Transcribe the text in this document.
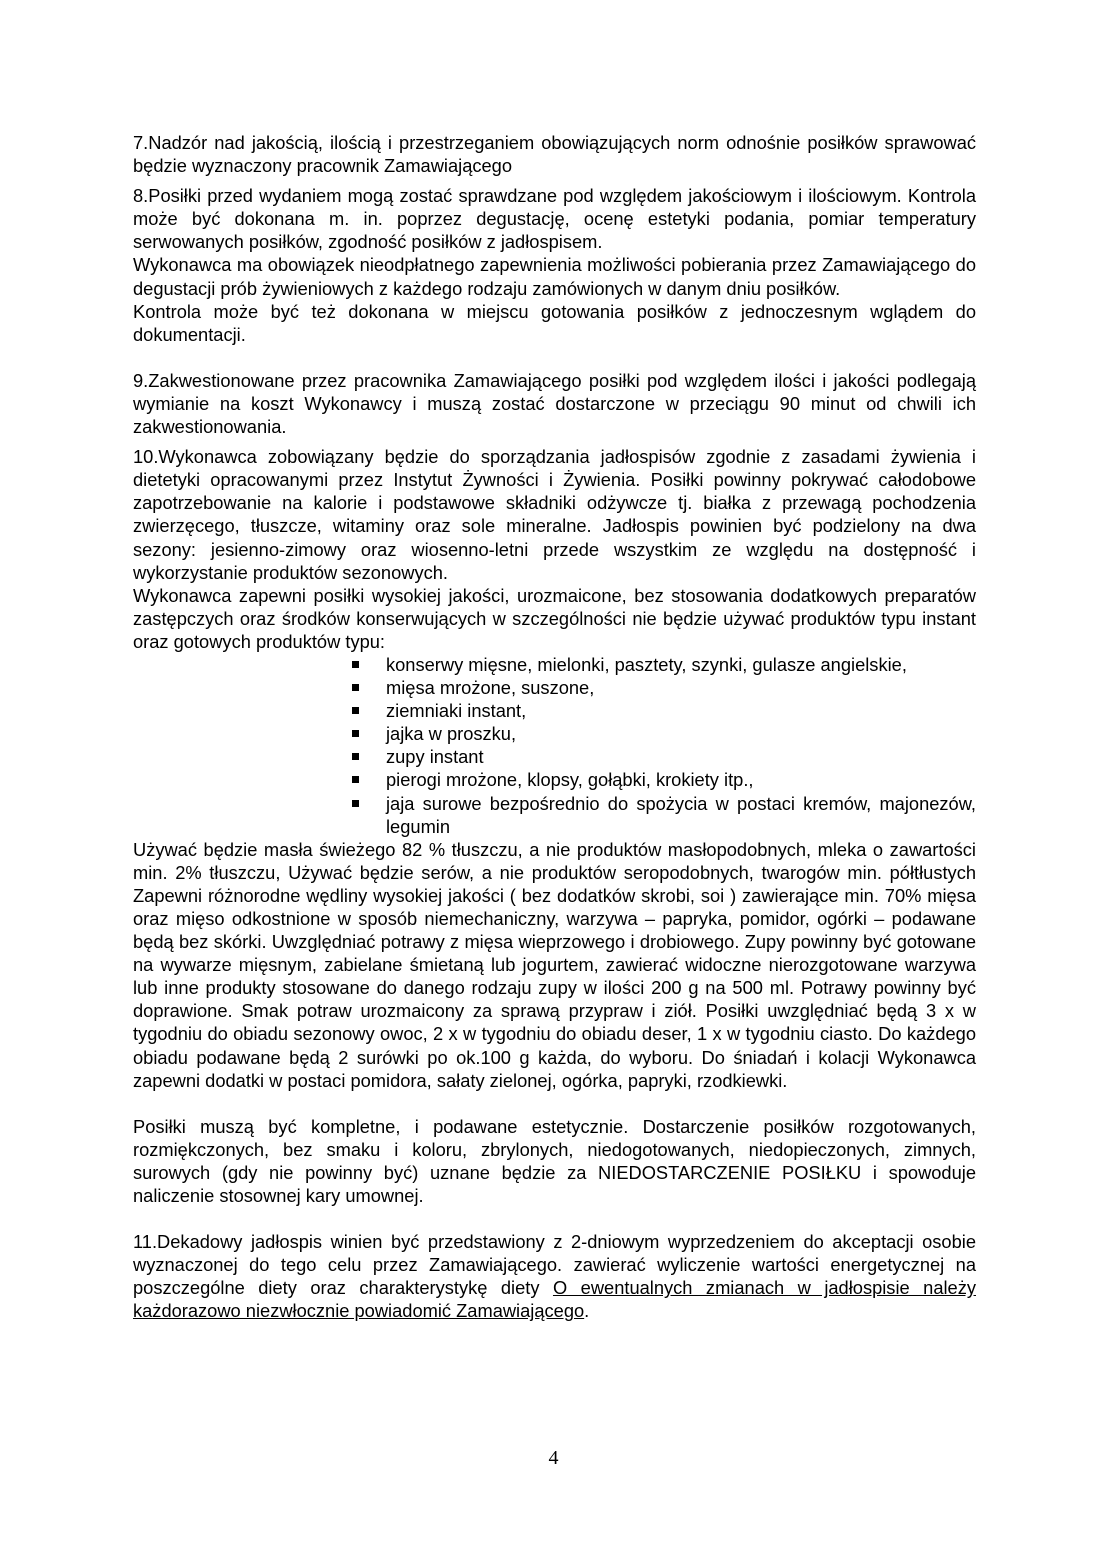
7.Nadzór nad jakością, ilością i przestrzeganiem obowiązujących norm odnośnie posiłków sprawować będzie wyznaczony pracownik Zamawiającego

8.Posiłki przed wydaniem mogą zostać sprawdzane pod względem jakościowym i ilościowym. Kontrola może być dokonana m. in. poprzez degustację, ocenę estetyki podania, pomiar temperatury serwowanych posiłków, zgodność posiłków z jadłospisem.

Wykonawca ma obowiązek nieodpłatnego zapewnienia możliwości pobierania przez Zamawiającego do degustacji prób żywieniowych z każdego rodzaju zamówionych w danym dniu posiłków.

Kontrola może być też dokonana w miejscu gotowania posiłków z jednoczesnym wglądem do dokumentacji.

9.Zakwestionowane przez pracownika Zamawiającego posiłki pod względem ilości i jakości podlegają wymianie na koszt Wykonawcy i muszą zostać dostarczone w przeciągu 90 minut od chwili ich zakwestionowania.

10.Wykonawca zobowiązany będzie do sporządzania jadłospisów zgodnie z zasadami żywienia i dietetyki opracowanymi przez Instytut Żywności i Żywienia. Posiłki powinny pokrywać całodobowe zapotrzebowanie na kalorie i podstawowe składniki odżywcze tj. białka z przewagą pochodzenia zwierzęcego, tłuszcze, witaminy oraz sole mineralne. Jadłospis powinien być podzielony na dwa sezony: jesienno-zimowy oraz wiosenno-letni przede wszystkim ze względu na dostępność i wykorzystanie produktów sezonowych.

Wykonawca zapewni posiłki wysokiej jakości, urozmaicone, bez stosowania dodatkowych preparatów zastępczych oraz środków konserwujących w szczególności nie będzie używać produktów typu instant oraz gotowych produktów typu:

konserwy mięsne, mielonki, pasztety, szynki, gulasze angielskie,
mięsa mrożone, suszone,
ziemniaki instant,
jajka w proszku,
zupy instant
pierogi mrożone, klopsy, gołąbki, krokiety itp.,
jaja surowe bezpośrednio do spożycia w postaci kremów, majonezów, legumin

Używać będzie masła świeżego 82 % tłuszczu, a nie produktów masłopodobnych, mleka o zawartości min. 2% tłuszczu, Używać będzie serów, a nie produktów seropodobnych, twarogów min. półtłustych Zapewni różnorodne wędliny wysokiej jakości ( bez dodatków skrobi, soi ) zawierające min. 70% mięsa oraz mięso odkostnione w sposób niemechaniczny, warzywa – papryka, pomidor, ogórki – podawane będą bez skórki. Uwzględniać potrawy z mięsa wieprzowego i drobiowego. Zupy powinny być gotowane na wywarze mięsnym, zabielane śmietaną lub jogurtem, zawierać widoczne nierozgotowane warzywa lub inne produkty stosowane do danego rodzaju zupy w ilości 200 g na 500 ml. Potrawy powinny być doprawione. Smak potraw urozmaicony za sprawą przypraw i ziół. Posiłki uwzględniać będą 3 x w tygodniu do obiadu sezonowy owoc, 2 x w tygodniu do obiadu deser, 1 x w tygodniu ciasto. Do każdego obiadu podawane będą 2 surówki po ok.100 g każda, do wyboru. Do śniadań i kolacji Wykonawca zapewni dodatki w postaci pomidora, sałaty zielonej, ogórka, papryki, rzodkiewki.

Posiłki muszą być kompletne, i podawane estetycznie. Dostarczenie posiłków rozgotowanych, rozmiękczonych, bez smaku i koloru, zbrylonych, niedogotowanych, niedopieczonych, zimnych, surowych (gdy nie powinny być) uznane będzie za NIEDOSTARCZENIE POSIŁKU i spowoduje naliczenie stosownej kary umownej.

11.Dekadowy jadłospis winien być przedstawiony z 2-dniowym wyprzedzeniem do akceptacji osobie wyznaczonej do tego celu przez Zamawiającego. zawierać wyliczenie wartości energetycznej na poszczególne diety oraz charakterystykę diety O ewentualnych zmianach w jadłospisie należy każdorazowo niezwłocznie powiadomić Zamawiającego.

4
